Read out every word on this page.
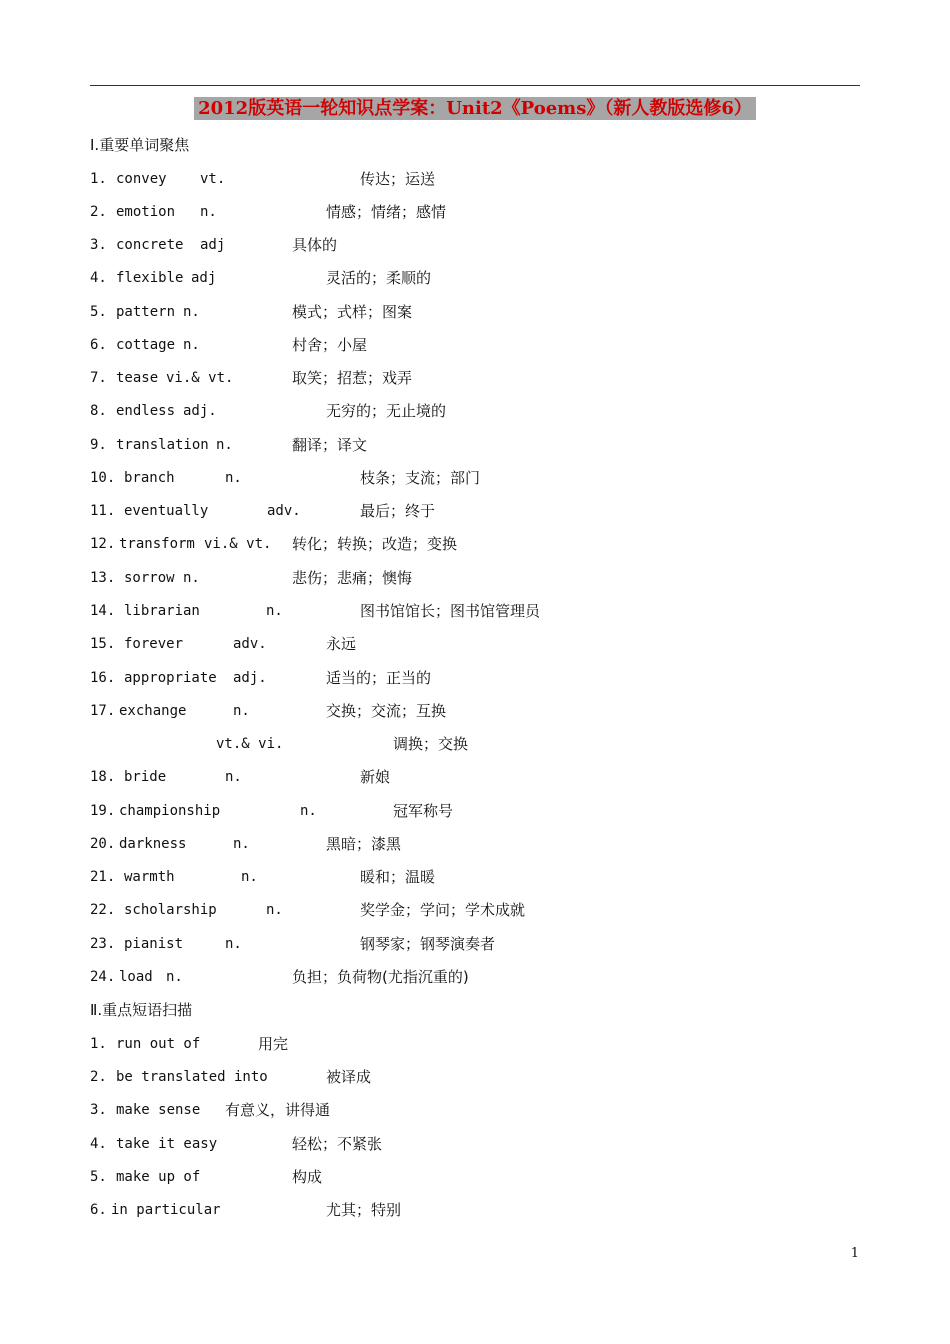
2012版英语一轮知识点学案：Unit2《Poems》（新人教版选修6）
Ⅰ.重要单词聚焦
1. convey vt.	传达；运送
2. emotion n.	情感；情绪；感情
3. concrete adj	具体的
4. flexible adj	灵活的；柔顺的
5. pattern n.	模式；式样；图案
6. cottage n.	村舍；小屋
7. tease vi.& vt.	取笑；招惹；戏弄
8. endless adj.	无穷的；无止境的
9. translation n.	翻译；译文
10. branch	n.	枝条；支流；部门
11. eventually	adv.	最后；终于
12. transform vi.& vt. 转化；转换；改造；变换
13. sorrow n.	悲伤；悲痛；懊悔
14. librarian	n.	图书馆馆长；图书馆管理员
15. forever	adv.	永远
16. appropriate adj.	适当的；正当的
17. exchange	n.	交换；交流；互换
vt.& vi.	调换；交换
18. bride	n.	新娘
19. championship	n.	冠军称号
20. darkness	n.	黑暗；漆黑
21. warmth	n.	暖和；温暖
22. scholarship	n.	奖学金；学问；学术成就
23. pianist	n.	钢琴家；钢琴演奏者
24. load n.	负担；负荷物(尤指沉重的)
Ⅱ.重点短语扫描
1. run out of	用完
2. be translated into	被译成
3. make sense 有意义，讲得通
4. take it easy	轻松；不紧张
5. make up of	构成
6. in particular	尤其；特别
1
